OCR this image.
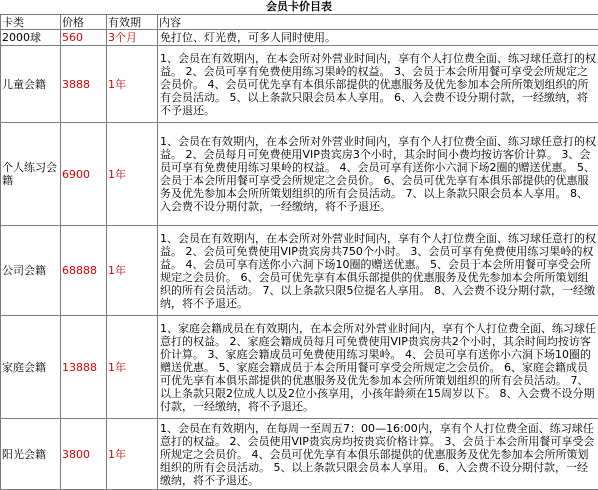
会员卡价目表
卡类	价格	有效期	内容
2000球	560	3个月	免打位、灯光费，可多人同时使用。
儿童会籍	3888	1年	1、会员在有效期内，在本会所对外营业时间内，享有个人打位费全面、练习球任意打的权益。 2、会员可享有免费使用练习果岭的权益。 3、会员于本会所用餐可享受会所规定之会员价。 4、会员可优先享有本俱乐部提供的优惠服务及优先参加本会所所策划组织的所有会员活动。 5、以上条款只限会员本人享用。 6、入会费不设分期付款，一经缴纳，将不予退还。
个人练习会籍	6900	1年	1、会员在有效期内，在本会所对外营业时间内，享有个人打位费全面、练习球任意打的权益。 2、会员每月可免费使用VIP贵宾房3个小时，其余时间小费均按访客价计算。 3、会员可享有免费使用练习果岭的权益。 4、会员可享有送你小六洞下场2圈的赠送优惠。 5、会员于本会所用餐可享受会所规定之会员价。 6、会员可优先享有本俱乐部提供的优惠服务及优先参加本会所所策划组织的所有会员活动。 7、以上条款只限会员本人享用。 8、入会费不设分期付款，一经缴纳，将不予退还。
公司会籍	68888	1年	1、会员在有效期内，在本会所对外营业时间内，享有个人打位费全面、练习球任意打的权益。 2、会员可免费使用VIP贵宾房共750个小时。 3、会员可享有免费使用练习果岭的权益。 4、会员可享有送你小六洞下场10圈的赠送优惠。 5、会员于本会所用餐可享受会所规定之会员价。 6、会员可优先享有本俱乐部提供的优惠服务及优先参加本会所所策划组织的所有会员活动。 7、以上条款只限5位提名人享用。 8、入会费不设分期付款，一经缴纳，将不予退还。
家庭会籍	13888	1年	1、家庭会籍成员在有效期内，在本会所对外营业时间内，享有个人打位费全面、练习球任意打的权益。 2、家庭会籍成员每月可免费使用VIP贵宾房共2个小时，其余时间均按访客价计算。 3、家庭会籍成员可免费使用练习果岭。 4、会员可享有送你小六洞下场10圈的赠送优惠。 5、家庭会籍成员于本会所用餐可享受会所规定之会员价。 6、家庭会籍成员可优先享有本俱乐部提供的优惠服务及优先参加本会所所策划组织的所有会员活动。 7、以上条款只限2位成人以及2位小孩享用，小孩年龄须在15周岁以下。 8、入会费不设分期付款，一经缴纳，将不予退还。
阳光会籍	3800	1年	1、会员在有效期内，在每周一至周五7：00—16:00内，享有个人打位费全面、练习球任意打的权益。 2、会员使用VIP贵宾房均按贵宾价格计算。 3、会员于本会所用餐可享受会所规定之会员价。 4、会员可优先享有本俱乐部提供的优惠服务及优先参加本会所所策划组织的所有会员活动。 5、以上条款只限会员本人享用。 6、入会费不设分期付款，一经缴纳，将不予退还。
